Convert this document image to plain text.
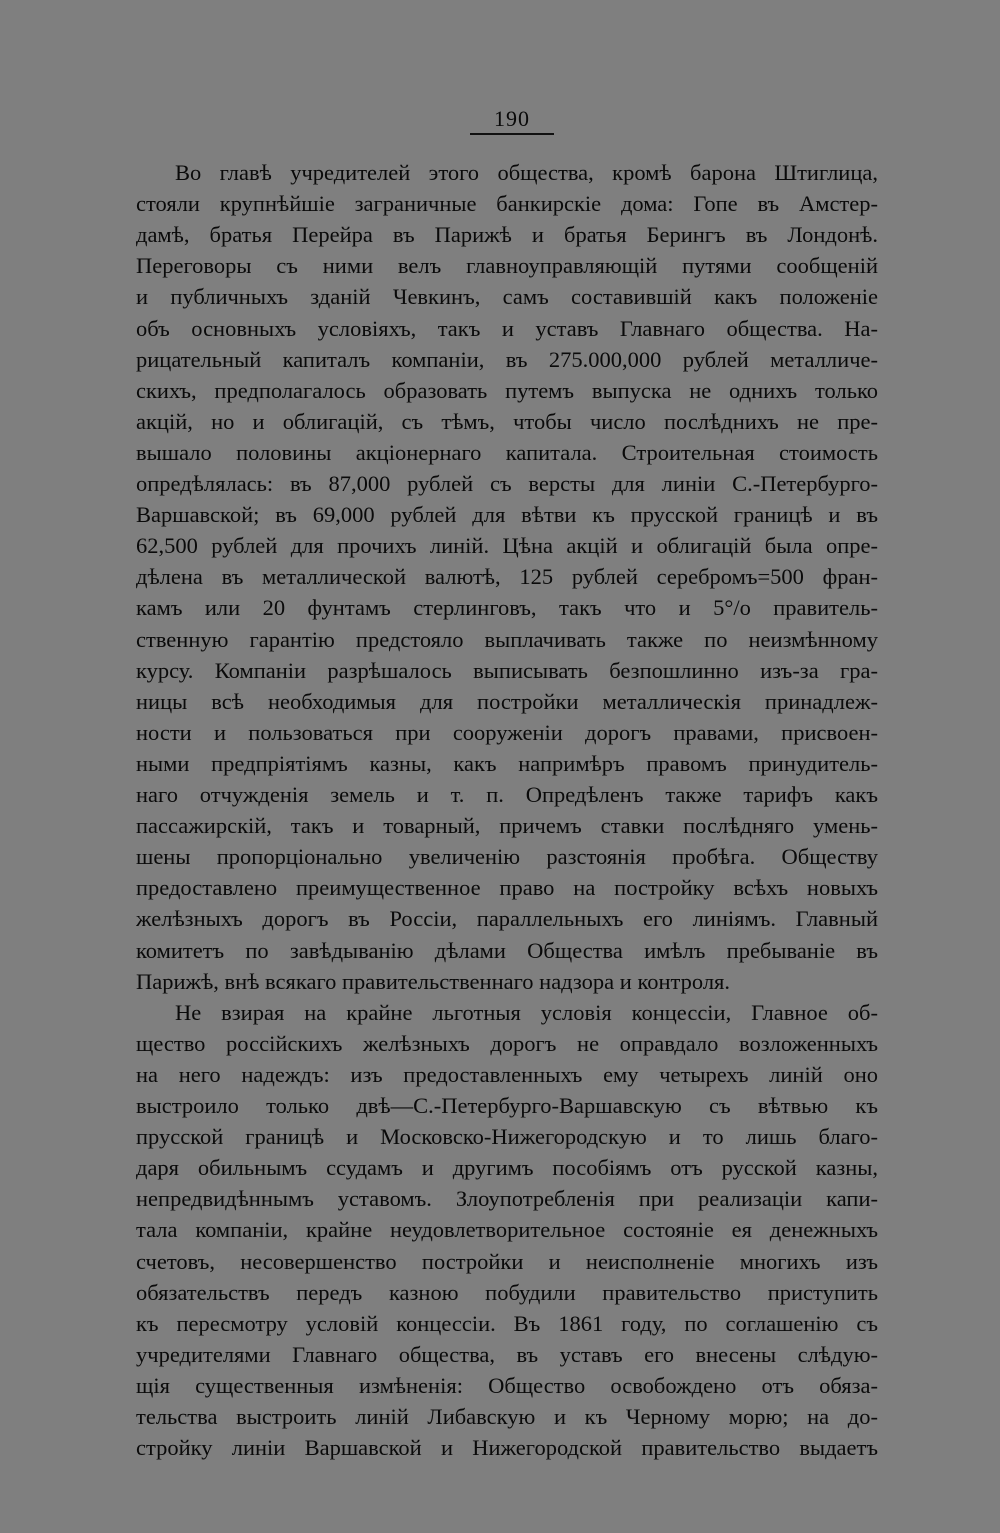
190
Во главѣ учредителей этого общества, кромѣ барона Штиглица,
стояли крупнѣйшіе заграничные банкирскіе дома: Гопе въ Амстер-
дамѣ, братья Перейра въ Парижѣ и братья Берингъ въ Лондонѣ.
Переговоры съ ними велъ главноуправляющій путями сообщеній
и публичныхъ зданій Чевкинъ, самъ составившій какъ положеніе
объ основныхъ условіяхъ, такъ и уставъ Главнаго общества. На-
рицательный капиталъ компаніи, въ 275.000,000 рублей металличе-
скихъ, предполагалось образовать путемъ выпуска не однихъ только
акцій, но и облигацій, съ тѣмъ, чтобы число послѣднихъ не пре-
вышало половины акціонернаго капитала. Строительная стоимость
опредѣлялась: въ 87,000 рублей съ версты для линіи С.-Петербурго-
Варшавской; въ 69,000 рублей для вѣтви къ прусской границѣ и въ
62,500 рублей для прочихъ линій. Цѣна акцій и облигацій была опре-
дѣлена въ металлической валютѣ, 125 рублей серебромъ=500 фран-
камъ или 20 фунтамъ стерлинговъ, такъ что и 5°/o правитель-
ственную гарантію предстояло выплачивать также по неизмѣнному
курсу. Компаніи разрѣшалось выписывать безпошлинно изъ-за гра-
ницы всѣ необходимыя для постройки металлическія принадлеж-
ности и пользоваться при сооруженіи дорогъ правами, присвоен-
ными предпріятіямъ казны, какъ напримѣръ правомъ принудитель-
наго отчужденія земель и т. п. Опредѣленъ также тарифъ какъ
пассажирскій, такъ и товарный, причемъ ставки послѣдняго умень-
шены пропорціонально увеличенію разстоянія пробѣга. Обществу
предоставлено преимущественное право на постройку всѣхъ новыхъ
желѣзныхъ дорогъ въ Россіи, параллельныхъ его линіямъ. Главный
комитетъ по завѣдыванію дѣлами Общества имѣлъ пребываніе въ
Парижѣ, внѣ всякаго правительственнаго надзора и контроля.
Не взирая на крайне льготныя условія концессіи, Главное об-
щество россійскихъ желѣзныхъ дорогъ не оправдало возложенныхъ
на него надеждъ: изъ предоставленныхъ ему четырехъ линій оно
выстроило только двѣ—С.-Петербурго-Варшавскую съ вѣтвью къ
прусской границѣ и Московско-Нижегородскую и то лишь благо-
даря обильнымъ ссудамъ и другимъ пособіямъ отъ русской казны,
непредвидѣннымъ уставомъ. Злоупотребленія при реализаціи капи-
тала компаніи, крайне неудовлетворительное состояніе ея денежныхъ
счетовъ, несовершенство постройки и неисполненіе многихъ изъ
обязательствъ передъ казною побудили правительство приступить
къ пересмотру условій концессіи. Въ 1861 году, по соглашенію съ
учредителями Главнаго общества, въ уставъ его внесены слѣдую-
щія существенныя измѣненія: Общество освобождено отъ обяза-
тельства выстроить линій Либавскую и къ Черному морю; на до-
стройку линіи Варшавской и Нижегородской правительство выдаетъ
